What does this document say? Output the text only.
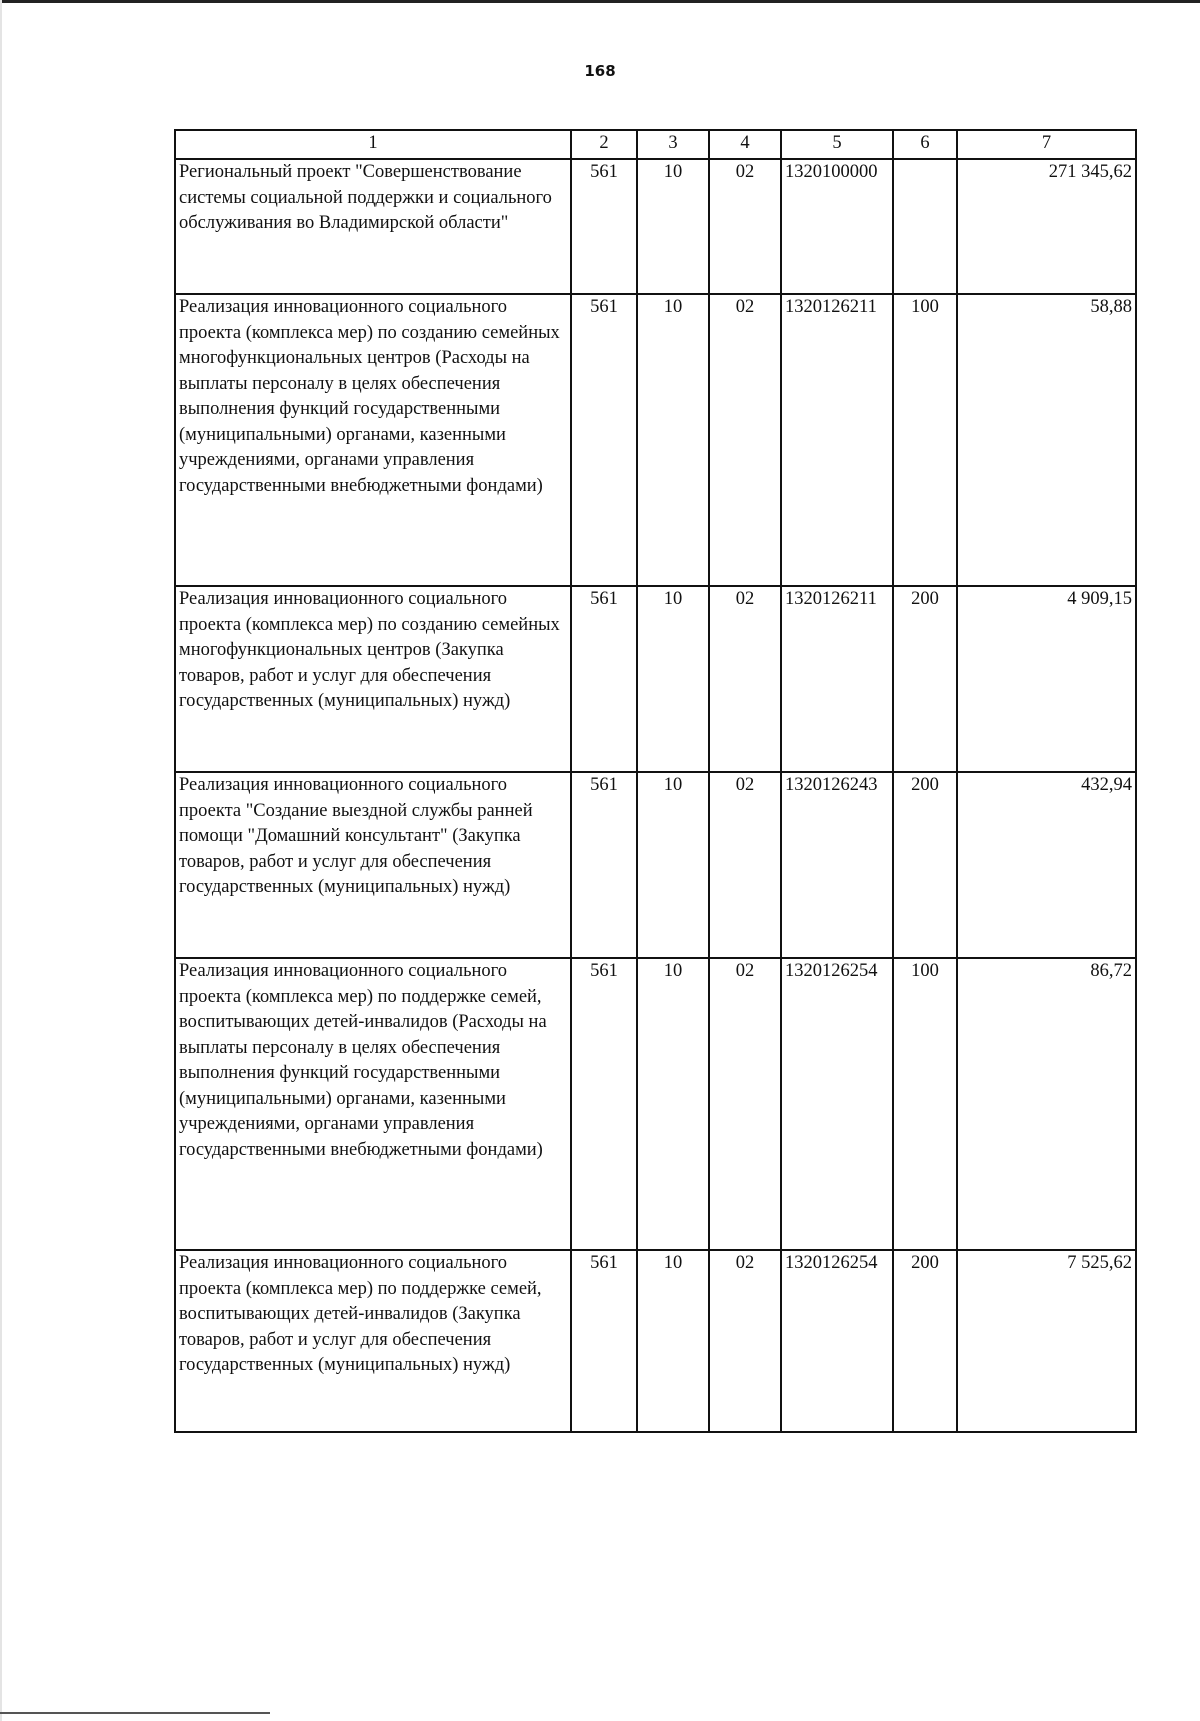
168
1	2	3	4	5	6	7
Региональный проект "Совершенствование системы социальной поддержки и социального обслуживания во Владимирской области"	561	10	02	1320100000		271 345,62
Реализация инновационного социального проекта (комплекса мер) по созданию семейных многофункциональных центров (Расходы на выплаты персоналу в целях обеспечения выполнения функций государственными (муниципальными) органами, казенными учреждениями, органами управления государственными внебюджетными фондами)	561	10	02	1320126211	100	58,88
Реализация инновационного социального проекта (комплекса мер) по созданию семейных многофункциональных центров (Закупка товаров, работ и услуг для обеспечения государственных (муниципальных) нужд)	561	10	02	1320126211	200	4 909,15
Реализация инновационного социального проекта "Создание выездной службы ранней помощи "Домашний консультант" (Закупка товаров, работ и услуг для обеспечения государственных (муниципальных) нужд)	561	10	02	1320126243	200	432,94
Реализация инновационного социального проекта (комплекса мер) по поддержке семей, воспитывающих детей-инвалидов (Расходы на выплаты персоналу в целях обеспечения выполнения функций государственными (муниципальными) органами, казенными учреждениями, органами управления государственными внебюджетными фондами)	561	10	02	1320126254	100	86,72
Реализация инновационного социального проекта (комплекса мер) по поддержке семей, воспитывающих детей-инвалидов (Закупка товаров, работ и услуг для обеспечения государственных (муниципальных) нужд)	561	10	02	1320126254	200	7 525,62
